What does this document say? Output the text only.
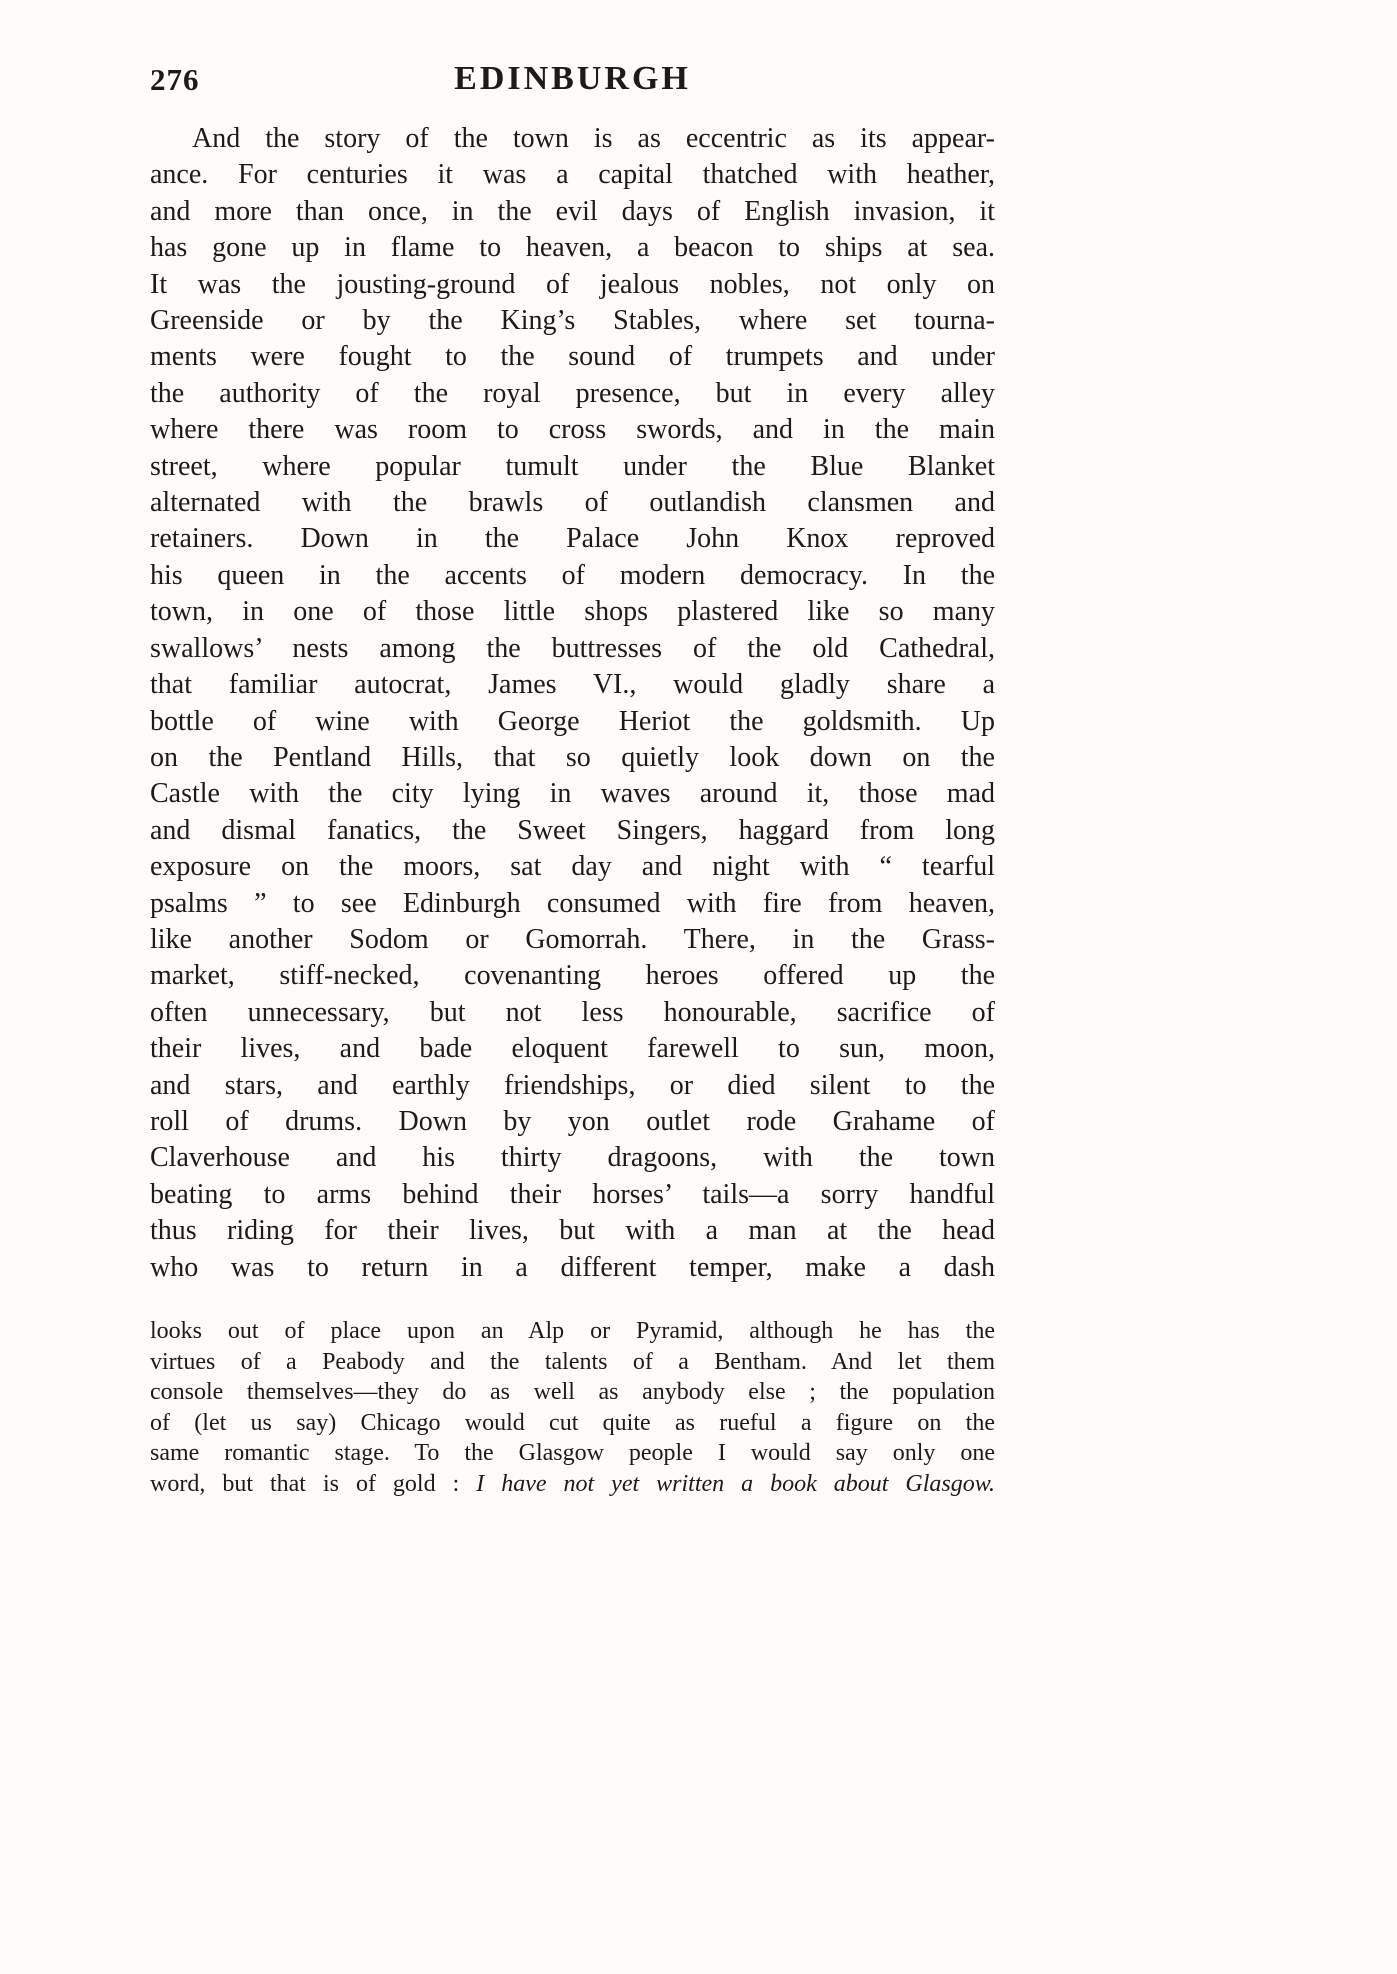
276	EDINBURGH
And the story of the town is as eccentric as its appear-
ance. For centuries it was a capital thatched with heather,
and more than once, in the evil days of English invasion, it
has gone up in flame to heaven, a beacon to ships at sea.
It was the jousting-ground of jealous nobles, not only on
Greenside or by the King’s Stables, where set tourna-
ments were fought to the sound of trumpets and under
the authority of the royal presence, but in every alley
where there was room to cross swords, and in the main
street, where popular tumult under the Blue Blanket
alternated with the brawls of outlandish clansmen and
retainers. Down in the Palace John Knox reproved
his queen in the accents of modern democracy. In the
town, in one of those little shops plastered like so many
swallows’ nests among the buttresses of the old Cathedral,
that familiar autocrat, James VI., would gladly share a
bottle of wine with George Heriot the goldsmith. Up
on the Pentland Hills, that so quietly look down on the
Castle with the city lying in waves around it, those mad
and dismal fanatics, the Sweet Singers, haggard from long
exposure on the moors, sat day and night with “ tearful
psalms ” to see Edinburgh consumed with fire from heaven,
like another Sodom or Gomorrah. There, in the Grass-
market, stiff-necked, covenanting heroes offered up the
often unnecessary, but not less honourable, sacrifice of
their lives, and bade eloquent farewell to sun, moon,
and stars, and earthly friendships, or died silent to the
roll of drums. Down by yon outlet rode Grahame of
Claverhouse and his thirty dragoons, with the town
beating to arms behind their horses’ tails—a sorry handful
thus riding for their lives, but with a man at the head
who was to return in a different temper, make a dash
looks out of place upon an Alp or Pyramid, although he has the
virtues of a Peabody and the talents of a Bentham. And let them
console themselves—they do as well as anybody else ; the population
of (let us say) Chicago would cut quite as rueful a figure on the
same romantic stage. To the Glasgow people I would say only one
word, but that is of gold : I have not yet written a book about Glasgow.
